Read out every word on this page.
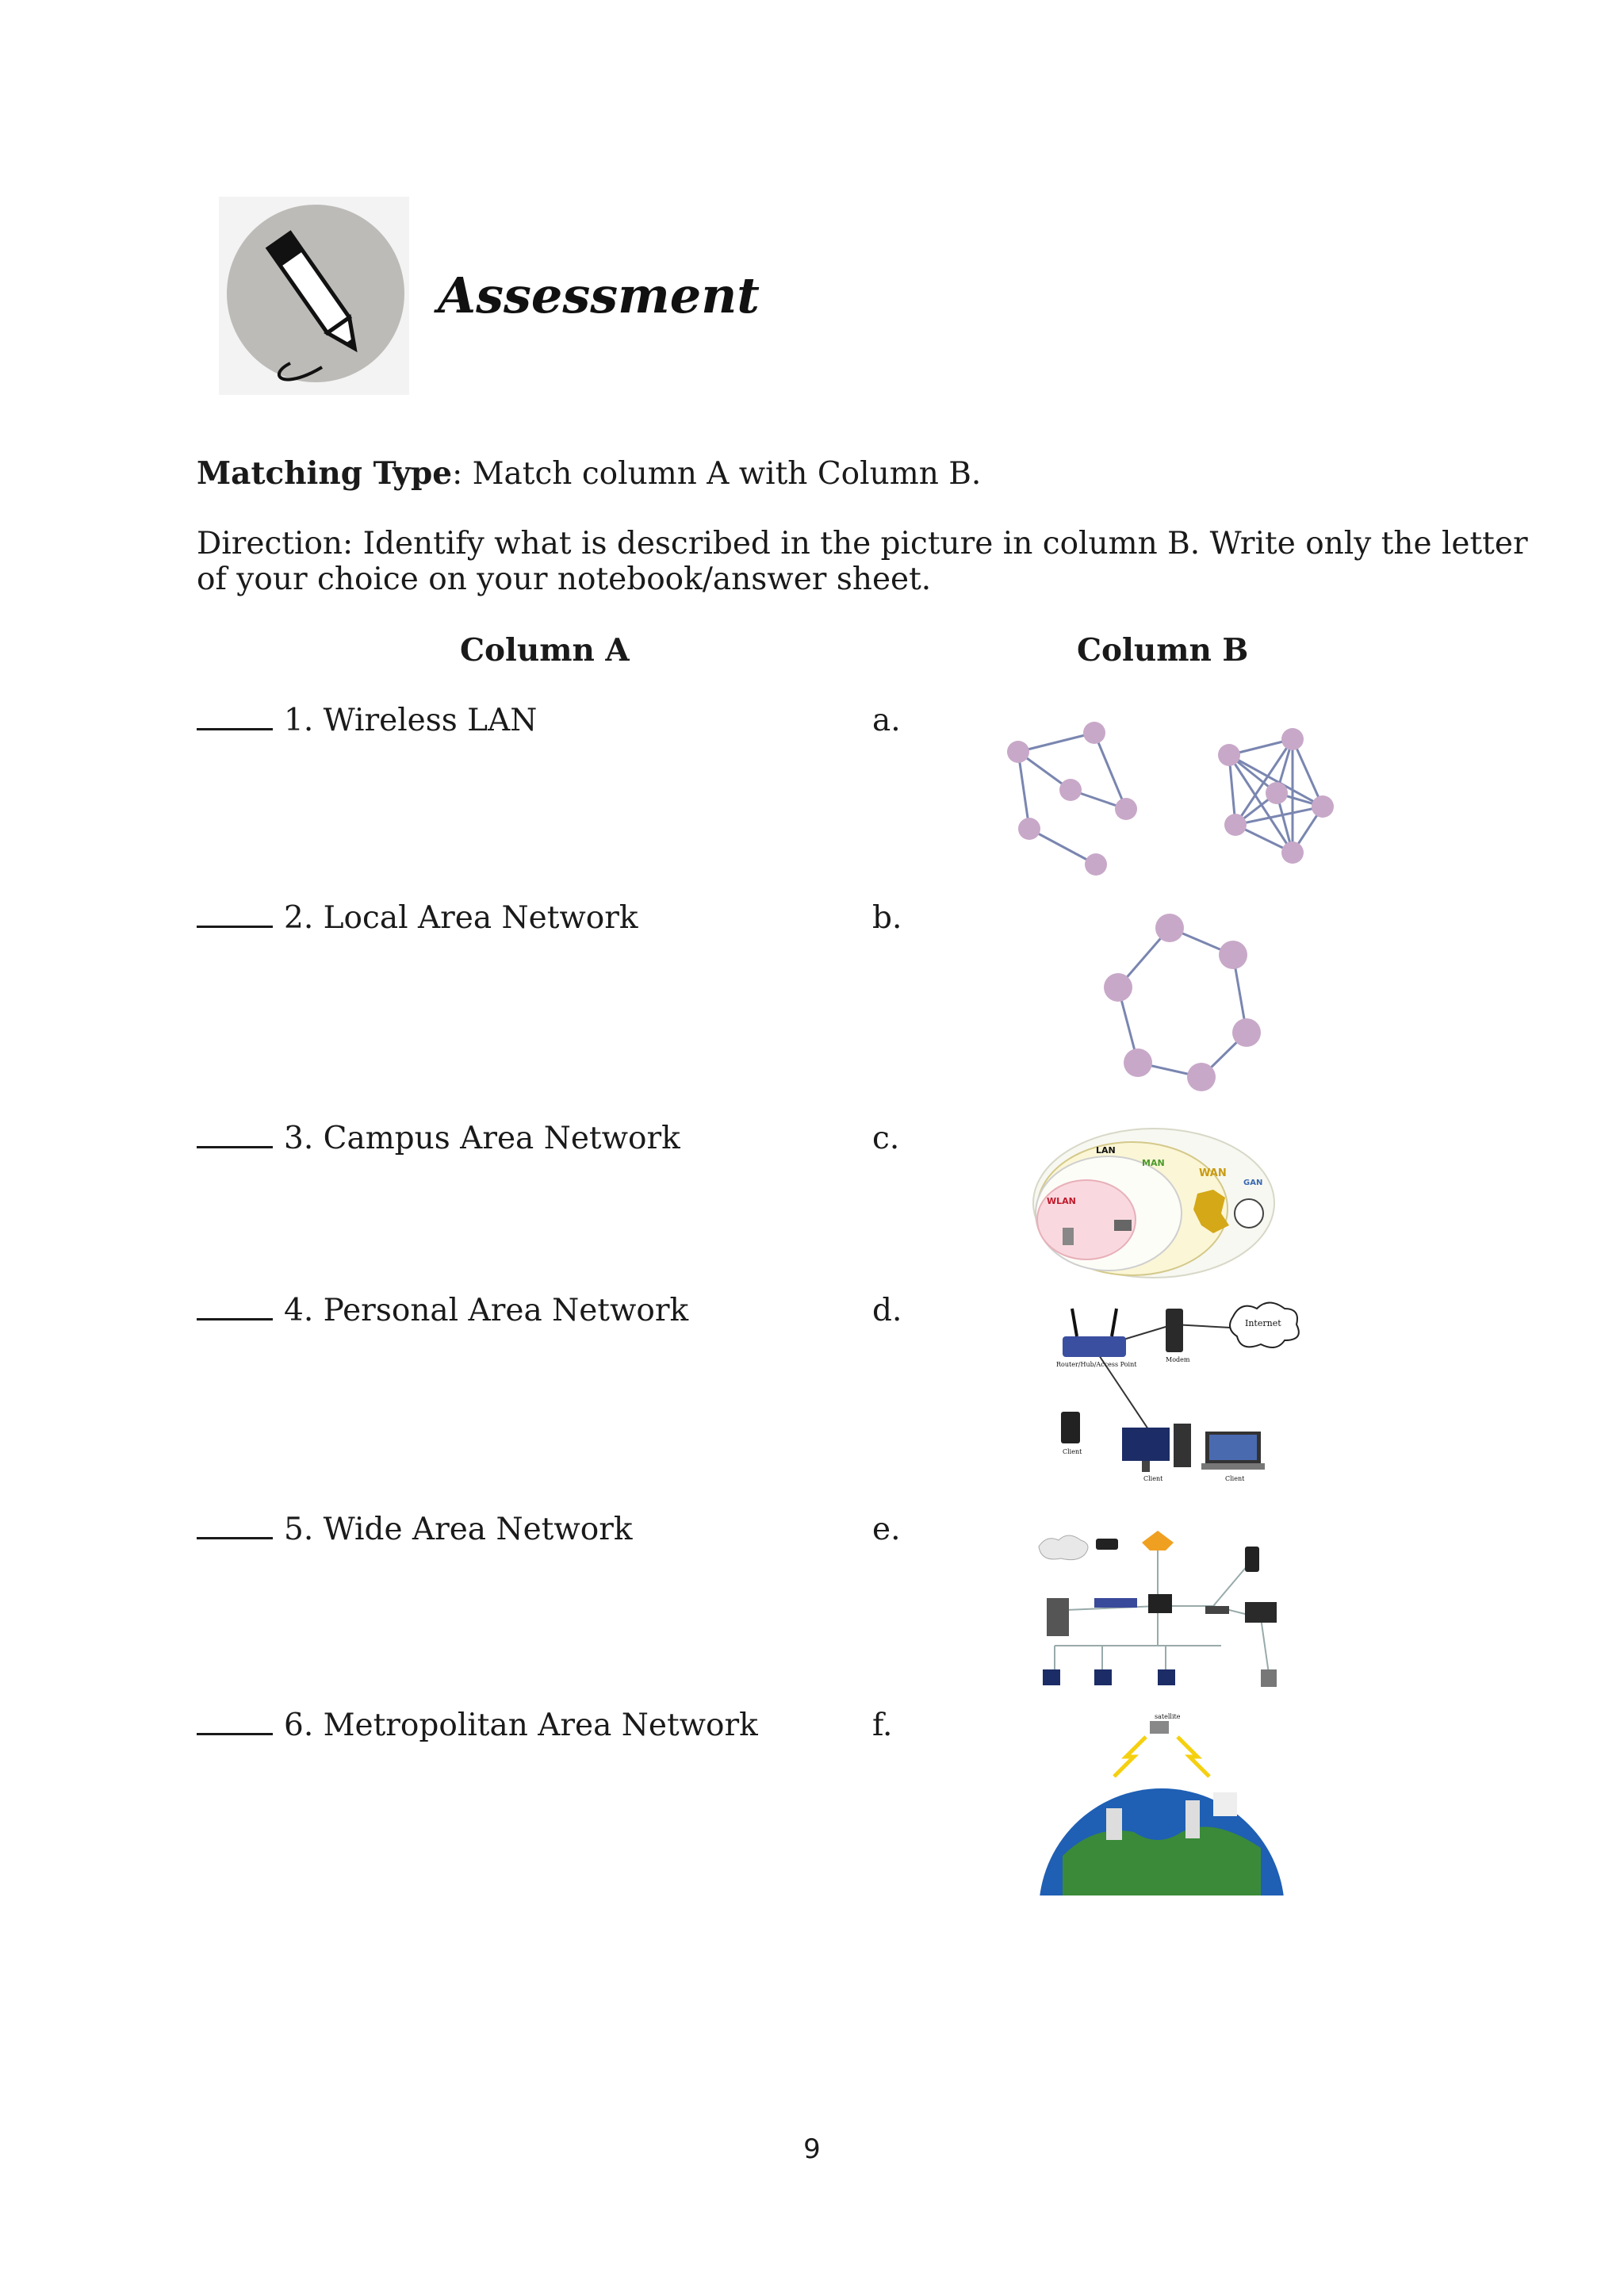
Assessment
Matching Type: Match column A with Column B.
Direction: Identify what is described in the picture in column B. Write only the letter
of your choice on your notebook/answer sheet.
Column A	Column B
1. Wireless LAN
2. Local Area Network
3. Campus Area Network
4. Personal Area Network
5. Wide Area Network
6. Metropolitan Area Network
a.
b.
c.
d.
e.
f.
WLAN
LAN
MAN
WAN
GAN
Internet
Modem
Router/Hub/Access Point
Client
Client	Client
satellite
9
